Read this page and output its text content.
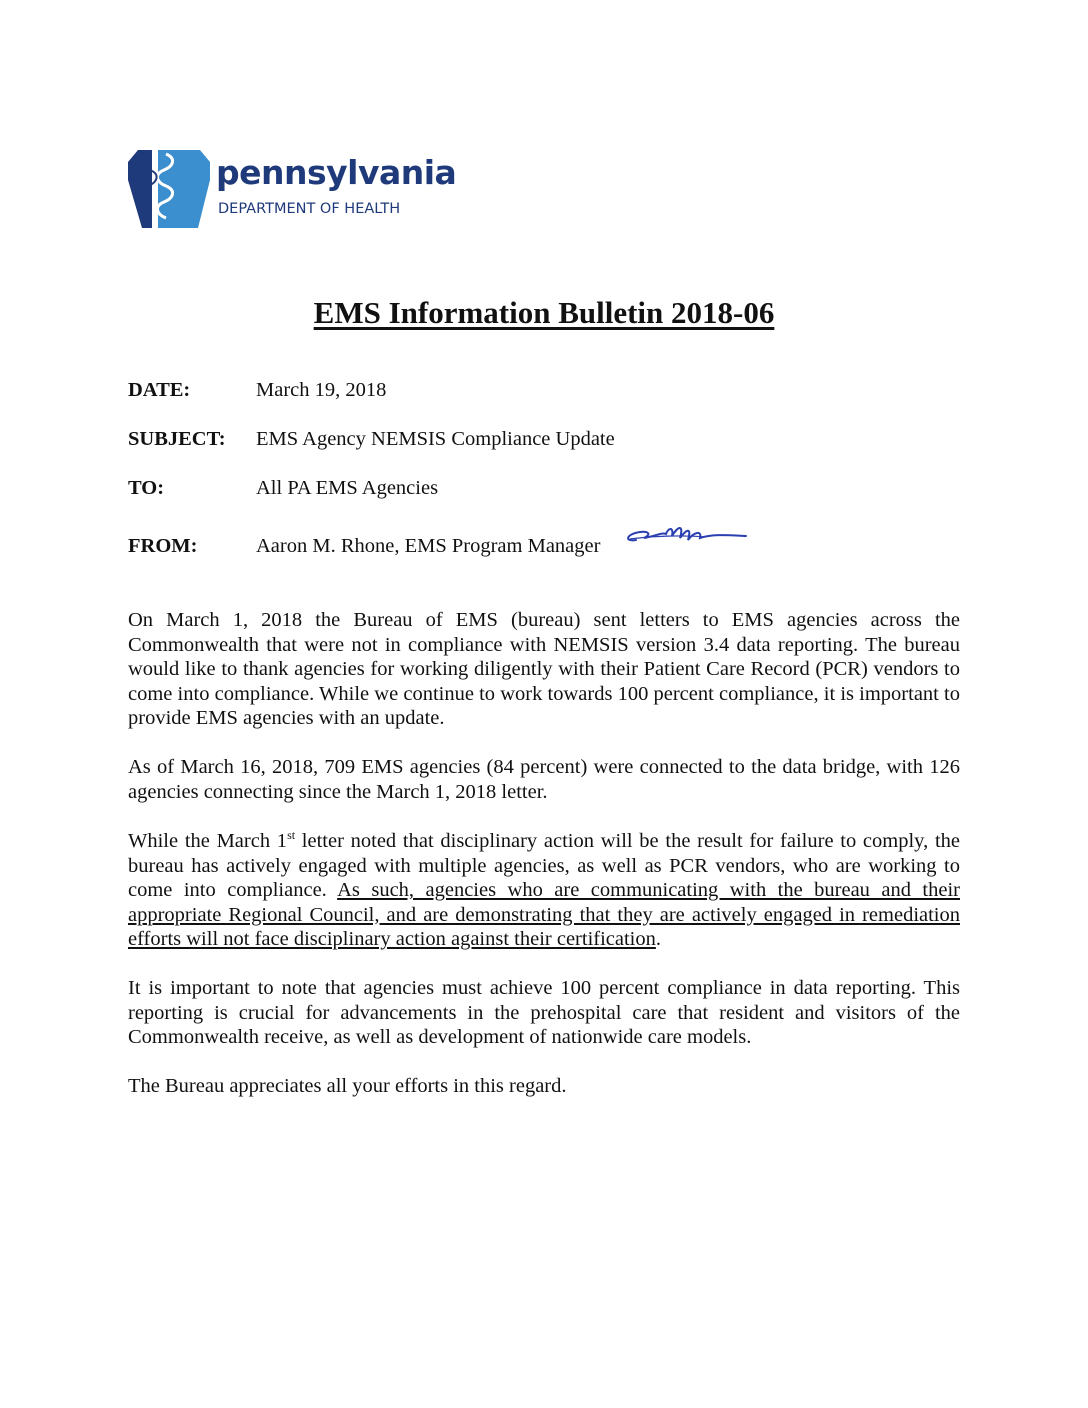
pennsylvania
DEPARTMENT OF HEALTH
EMS Information Bulletin 2018-06
DATE:	March 19, 2018
SUBJECT: EMS Agency NEMSIS Compliance Update
TO:	All PA EMS Agencies
FROM:	Aaron M. Rhone, EMS Program Manager

On March 1, 2018 the Bureau of EMS (bureau) sent letters to EMS agencies across the Commonwealth that were not in compliance with NEMSIS version 3.4 data reporting. The bureau would like to thank agencies for working diligently with their Patient Care Record (PCR) vendors to come into compliance. While we continue to work towards 100 percent compliance, it is important to provide EMS agencies with an update.

As of March 16, 2018, 709 EMS agencies (84 percent) were connected to the data bridge, with 126 agencies connecting since the March 1, 2018 letter.

While the March 1st letter noted that disciplinary action will be the result for failure to comply, the bureau has actively engaged with multiple agencies, as well as PCR vendors, who are working to come into compliance. As such, agencies who are communicating with the bureau and their appropriate Regional Council, and are demonstrating that they are actively engaged in remediation efforts will not face disciplinary action against their certification.

It is important to note that agencies must achieve 100 percent compliance in data reporting. This reporting is crucial for advancements in the prehospital care that resident and visitors of the Commonwealth receive, as well as development of nationwide care models.

The Bureau appreciates all your efforts in this regard.
